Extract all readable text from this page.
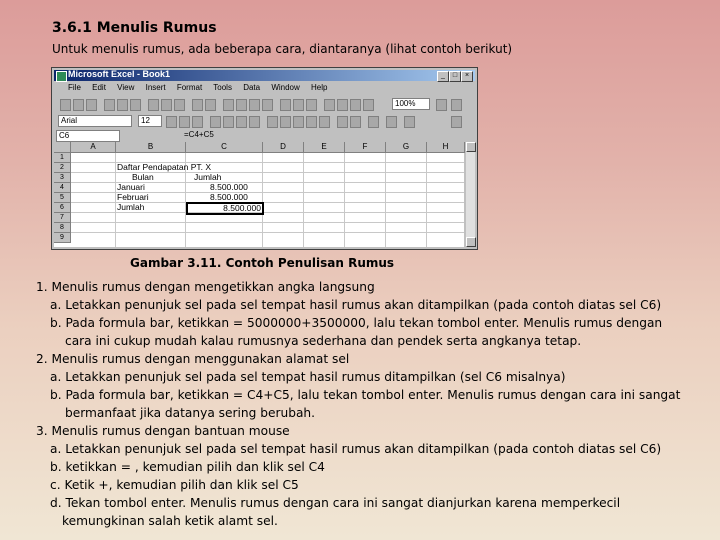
3.6.1 Menulis Rumus
Untuk menulis rumus, ada beberapa cara, diantaranya (lihat contoh berikut)
Microsoft Excel - Book1	_	□	×
File Edit View Insert Format Tools Data Window Help
100%
Arial	12
C6	=C4+C5
A	B	C	D	E	F	G	H
1
2
3
4
5
6
7
8
9
Daftar Pendapatan PT. X
Bulan	Jumlah
Januari	8.500.000
Februari	8.500.000
Jumlah	8.500.000
Gambar 3.11. Contoh Penulisan Rumus
1. Menulis rumus dengan mengetikkan angka langsung
a. Letakkan penunjuk sel pada sel tempat hasil rumus akan ditampilkan (pada contoh diatas sel C6)
b. Pada formula bar, ketikkan = 5000000+3500000, lalu tekan tombol enter. Menulis rumus dengan
cara ini cukup mudah kalau rumusnya sederhana dan pendek serta angkanya tetap.
2. Menulis rumus dengan menggunakan alamat sel
a. Letakkan penunjuk sel pada sel tempat hasil rumus ditampilkan (sel C6 misalnya)
b. Pada formula bar, ketikkan = C4+C5, lalu tekan tombol enter. Menulis rumus dengan cara ini sangat
bermanfaat jika datanya sering berubah.
3. Menulis rumus dengan bantuan mouse
a. Letakkan penunjuk sel pada sel tempat hasil rumus akan ditampilkan (pada contoh diatas sel C6)
b. ketikkan = , kemudian pilih dan klik sel C4
c. Ketik +, kemudian pilih dan klik sel C5
d. Tekan tombol enter. Menulis rumus dengan cara ini sangat dianjurkan karena memperkecil
kemungkinan salah ketik alamt sel.
